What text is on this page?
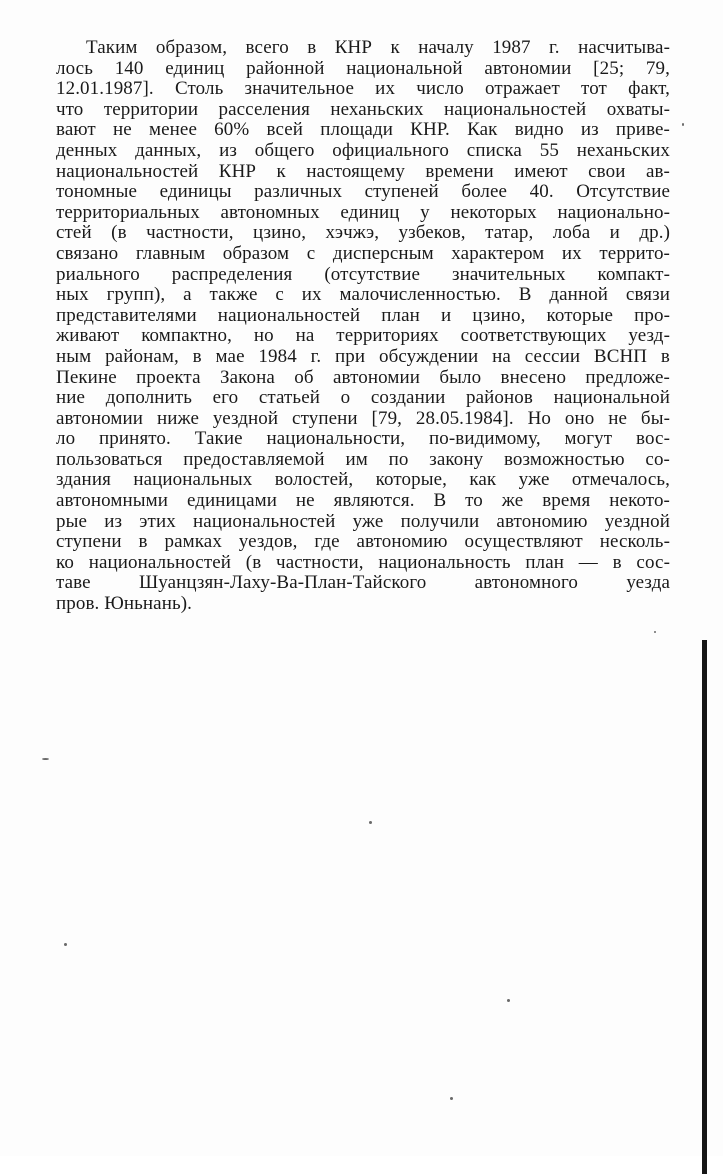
Таким образом, всего в КНР к началу 1987 г. насчитыва-
лось 140 единиц районной национальной автономии [25; 79,
12.01.1987]. Столь значительное их число отражает тот факт,
что территории расселения неханьских национальностей охваты-
вают не менее 60% всей площади КНР. Как видно из приве-
денных данных, из общего официального списка 55 неханьских
национальностей КНР к настоящему времени имеют свои ав-
тономные единицы различных ступеней более 40. Отсутствие
территориальных автономных единиц у некоторых национально-
стей (в частности, цзино, хэчжэ, узбеков, татар, лоба и др.)
связано главным образом с дисперсным характером их террито-
риального распределения (отсутствие значительных компакт-
ных групп), а также с их малочисленностью. В данной связи
представителями национальностей план и цзино, которые про-
живают компактно, но на территориях соответствующих уезд-
ным районам, в мае 1984 г. при обсуждении на сессии ВСНП в
Пекине проекта Закона об автономии было внесено предложе-
ние дополнить его статьей о создании районов национальной
автономии ниже уездной ступени [79, 28.05.1984]. Но оно не бы-
ло принято. Такие национальности, по-видимому, могут вос-
пользоваться предоставляемой им по закону возможностью со-
здания национальных волостей, которые, как уже отмечалось,
автономными единицами не являются. В то же время некото-
рые из этих национальностей уже получили автономию уездной
ступени в рамках уездов, где автономию осуществляют несколь-
ко национальностей (в частности, национальность план — в сос-
таве Шуанцзян-Лаху-Ва-План-Тайского автономного уезда
пров. Юньнань).
